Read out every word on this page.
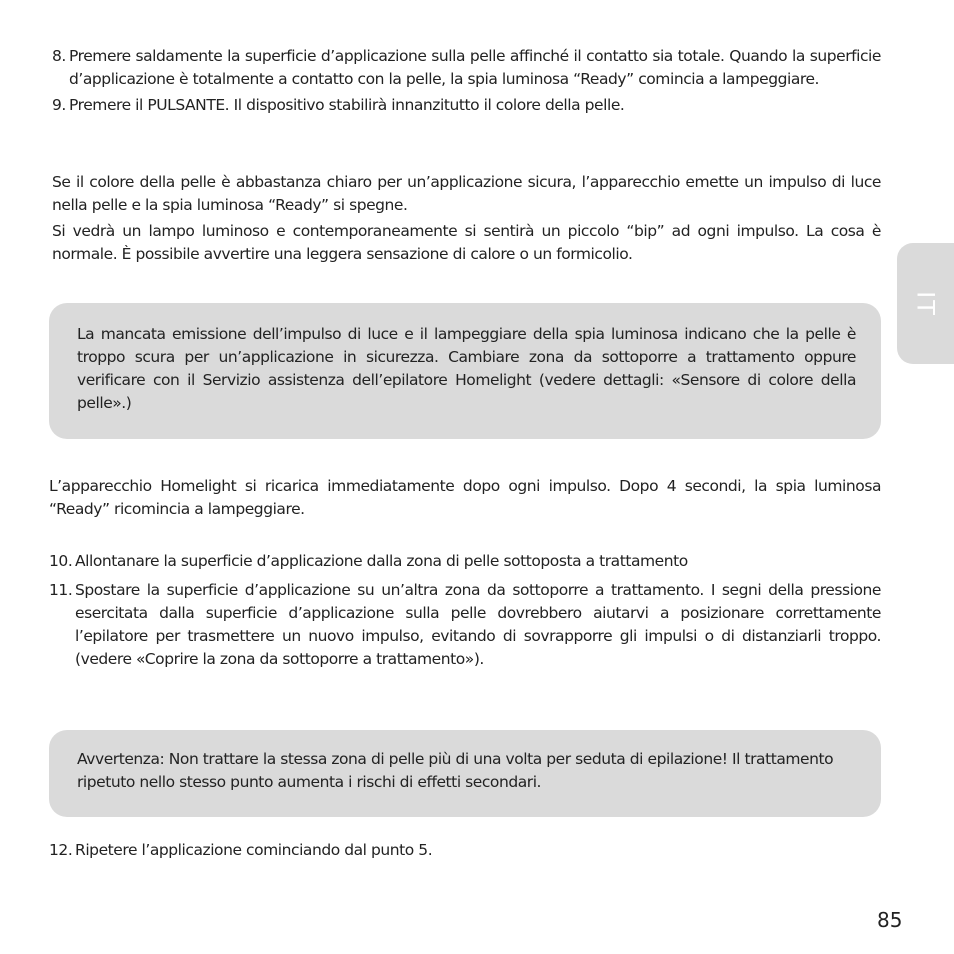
8. Premere saldamente la superficie d’applicazione sulla pelle affinché il contatto sia totale. Quando la superficie d’applicazione è totalmente a contatto con la pelle, la spia luminosa “Ready” comincia a lampeggiare.
9. Premere il PULSANTE. Il dispositivo stabilirà innanzitutto il colore della pelle.
Se il colore della pelle è abbastanza chiaro per un’applicazione sicura, l’apparecchio emette un impulso di luce nella pelle e la spia luminosa “Ready” si spegne.
Si vedrà un lampo luminoso e contemporaneamente si sentirà un piccolo “bip” ad ogni impulso. La cosa è normale. È possibile avvertire una leggera sensazione di calore o un formicolio.
La mancata emissione dell’impulso di luce e il lampeggiare della spia luminosa indicano che la pelle è troppo scura per un’applicazione in sicurezza. Cambiare zona da sottoporre a trattamento oppure verificare con il Servizio assistenza dell’epilatore Homelight (vedere dettagli: «Sensore di colore della pelle».)
L’apparecchio Homelight si ricarica immediatamente dopo ogni impulso. Dopo 4 secondi, la spia luminosa “Ready” ricomincia a lampeggiare.
10. Allontanare la superficie d’applicazione dalla zona di pelle sottoposta a trattamento
11. Spostare la superficie d’applicazione su un’altra zona da sottoporre a trattamento. I segni della pressione esercitata dalla superficie d’applicazione sulla pelle dovrebbero aiutarvi a posizionare correttamente l’epilatore per trasmettere un nuovo impulso, evitando di sovrapporre gli impulsi o di distanziarli troppo. (vedere «Coprire la zona da sottoporre a trattamento»).
Avvertenza: Non trattare la stessa zona di pelle più di una volta per seduta di epilazione! Il trattamento ripetuto nello stesso punto aumenta i rischi di effetti secondari.
12. Ripetere l’applicazione cominciando dal punto 5.
IT
85
